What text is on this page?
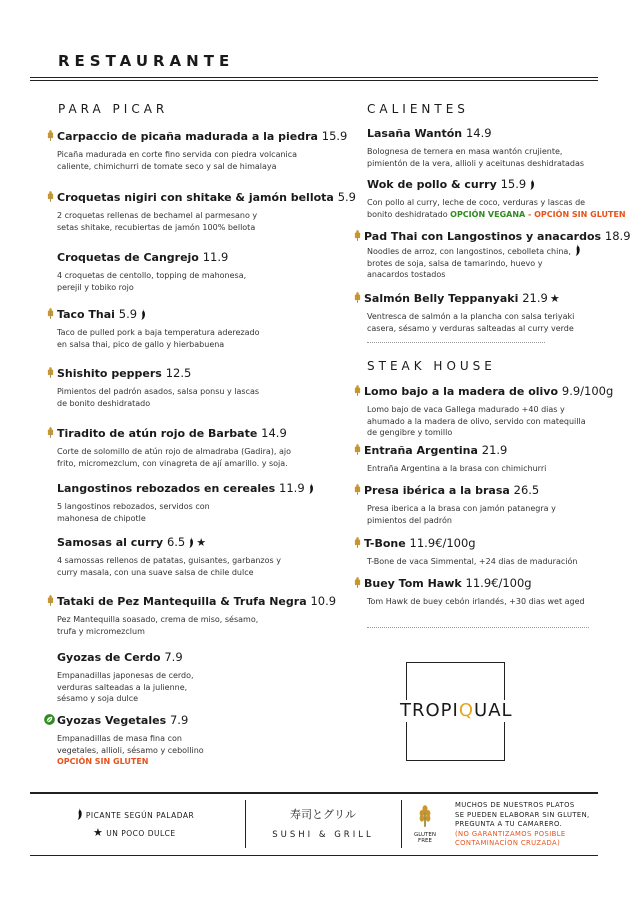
RESTAURANTE
PARA PICAR
Carpaccio de picaña madurada a la piedra 15.9
Picaña madurada en corte fino servida con piedra volcanica
caliente, chimichurri de tomate seco y sal de himalaya
Croquetas nigiri con shitake & jamón bellota 5.9
2 croquetas rellenas de bechamel al parmesano y
setas shitake, recubiertas de jamón 100% bellota
Croquetas de Cangrejo 11.9
4 croquetas de centollo, topping de mahonesa,
perejil y tobiko rojo
Taco Thai 5.9
Taco de pulled pork a baja temperatura aderezado
en salsa thai, pico de gallo y hierbabuena
Shishito peppers 12.5
Pimientos del padrón asados, salsa ponsu y lascas
de bonito deshidratado
Tiradito de atún rojo de Barbate 14.9
Corte de solomillo de atún rojo de almadraba (Gadira), ajo
frito, micromezclum, con vinagreta de ají amarillo. y soja.
Langostinos rebozados en cereales 11.9
5 langostinos rebozados, servidos con
mahonesa de chipotle
Samosas al curry 6.5 ★
4 samossas rellenos de patatas, guisantes, garbanzos y
curry masala, con una suave salsa de chile dulce
Tataki de Pez Mantequilla & Trufa Negra 10.9
Pez Mantequilla soasado, crema de miso, sésamo,
trufa y micromezclum
Gyozas de Cerdo 7.9
Empanadillas japonesas de cerdo,
verduras salteadas a la julienne,
sésamo y soja dulce
Gyozas Vegetales 7.9
Empanadillas de masa fina con
vegetales, allioli, sésamo y cebollino
OPCIÓN SIN GLUTEN
CALIENTES
Lasaña Wantón 14.9
Bolognesa de ternera en masa wantón crujiente,
pimientón de la vera, allioli y aceitunas deshidratadas
Wok de pollo & curry 15.9
Con pollo al curry, leche de coco, verduras y lascas de
bonito deshidratado OPCIÓN VEGANA - OPCIÓN SIN GLUTEN
Pad Thai con Langostinos y anacardos 18.9
Noodles de arroz, con langostinos, cebolleta china,
brotes de soja, salsa de tamarindo, huevo y
anacardos tostados
Salmón Belly Teppanyaki 21.9 ★
Ventresca de salmón a la plancha con salsa teriyaki
casera, sésamo y verduras salteadas al curry verde
STEAK HOUSE
Lomo bajo a la madera de olivo 9.9/100g
Lomo bajo de vaca Gallega madurado +40 dias y
ahumado a la madera de olivo, servido con matequilla
de gengibre y tomillo
Entraña Argentina 21.9
Entraña Argentina a la brasa con chimichurri
Presa ibérica a la brasa 26.5
Presa iberica a la brasa con jamón patanegra y
pimientos del padrón
T-Bone 11.9€/100g
T-Bone de vaca Simmental, +24 dias de maduración
Buey Tom Hawk 11.9€/100g
Tom Hawk de buey cebón irlandés, +30 dias wet aged
TROPIQUAL
PICANTE SEGÚN PALADAR
★ UN POCO DULCE
寿司とグリル
SUSHI & GRILL	GLUTEN
FREE
MUCHOS DE NUESTROS PLATOS
SE PUEDEN ELABORAR SIN GLUTEN,
PREGUNTA A TU CAMARERO.
(NO GARANTIZAMOS POSIBLE
CONTAMINACÍON CRUZADA)
